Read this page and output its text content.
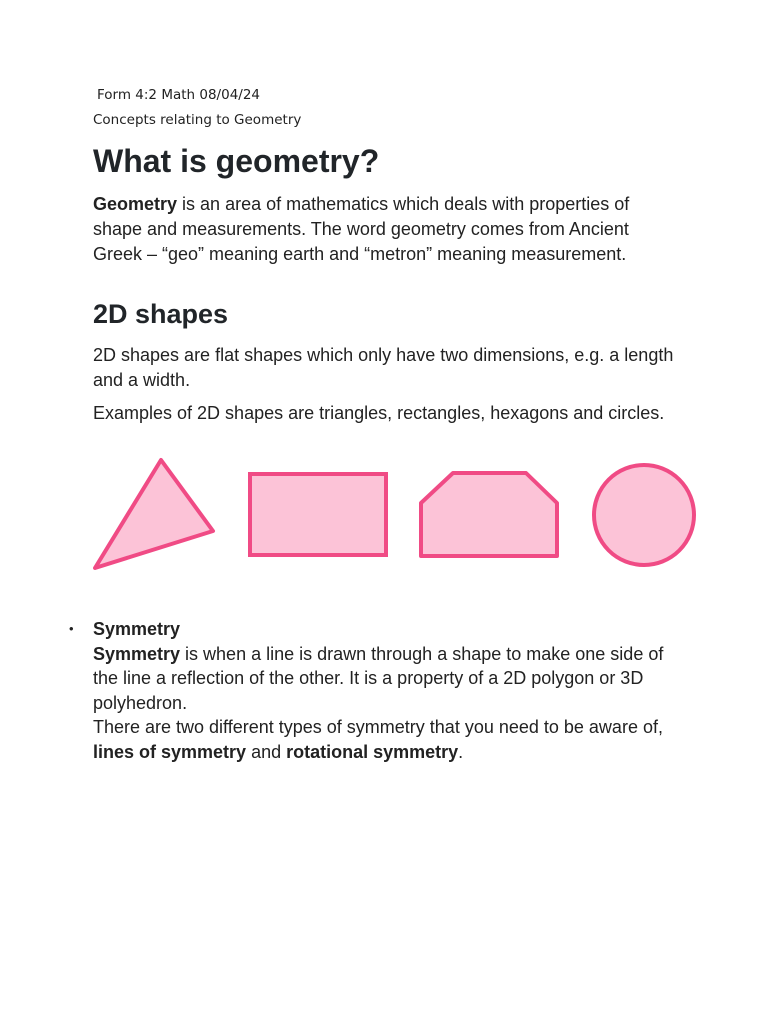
Form 4:2 Math 08/04/24
Concepts relating to Geometry
What is geometry?

Geometry is an area of mathematics which deals with properties of shape and measurements. The word geometry comes from Ancient Greek – “geo” meaning earth and “metron” meaning measurement.

2D shapes

2D shapes are flat shapes which only have two dimensions, e.g. a length and a width.

Examples of 2D shapes are triangles, rectangles, hexagons and circles.

• Symmetry
Symmetry is when a line is drawn through a shape to make one side of the line a reflection of the other. It is a property of a 2D polygon or 3D polyhedron.
There are two different types of symmetry that you need to be aware of, lines of symmetry and rotational symmetry.
